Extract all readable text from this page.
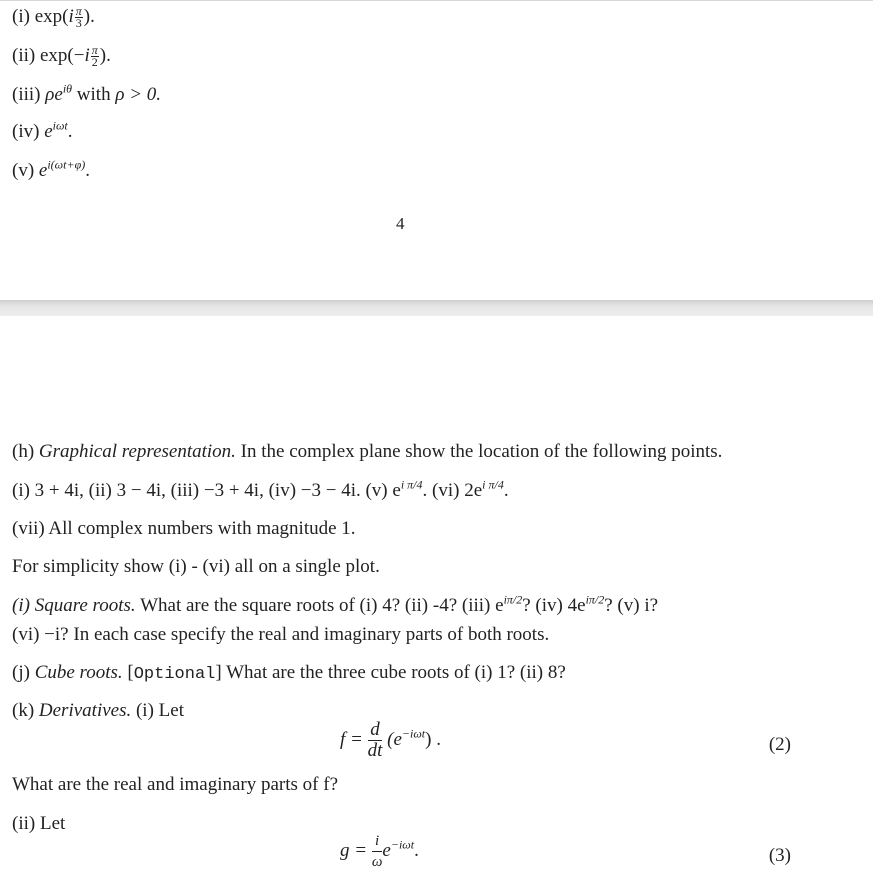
(i) $\exp(i \frac{\pi}{3}$ ).
(ii) $\exp(-i \frac{\pi}{2}$ ).
(iii) $\rho e^{i\theta}$ with ρ > 0.
(iv) $e^{i\omega t}$.
(v) $e^{i(\omega t+\varphi)}$.
4
(h) Graphical representation. In the complex plane show the location of the following points.
(i) 3 + 4i, (ii) 3 − 4i, (iii) −3 + 4i, (iv) −3 − 4i. (v) $e^{i \pi/4}$. (vi) $2e^{i \pi/4}$.
(vii) All complex numbers with magnitude 1.
For simplicity show (i) - (vi) all on a single plot.
(i) Square roots. What are the square roots of (i) 4? (ii) -4? (iii) $e^{i\pi/2}$? (iv) $4e^{i\pi/2}$? (v) i?
(vi) −i? In each case specify the real and imaginary parts of both roots.
(j) Cube roots. [Optional] What are the three cube roots of (i) 1? (ii) 8?
(k) Derivatives. (i) Let
$f = \frac{d}{dt} (e^{-i\omega t})$ .	(2)
What are the real and imaginary parts of f?
(ii) Let
$g = \frac{i}{\omega} e^{-i\omega t}$.	(3)
